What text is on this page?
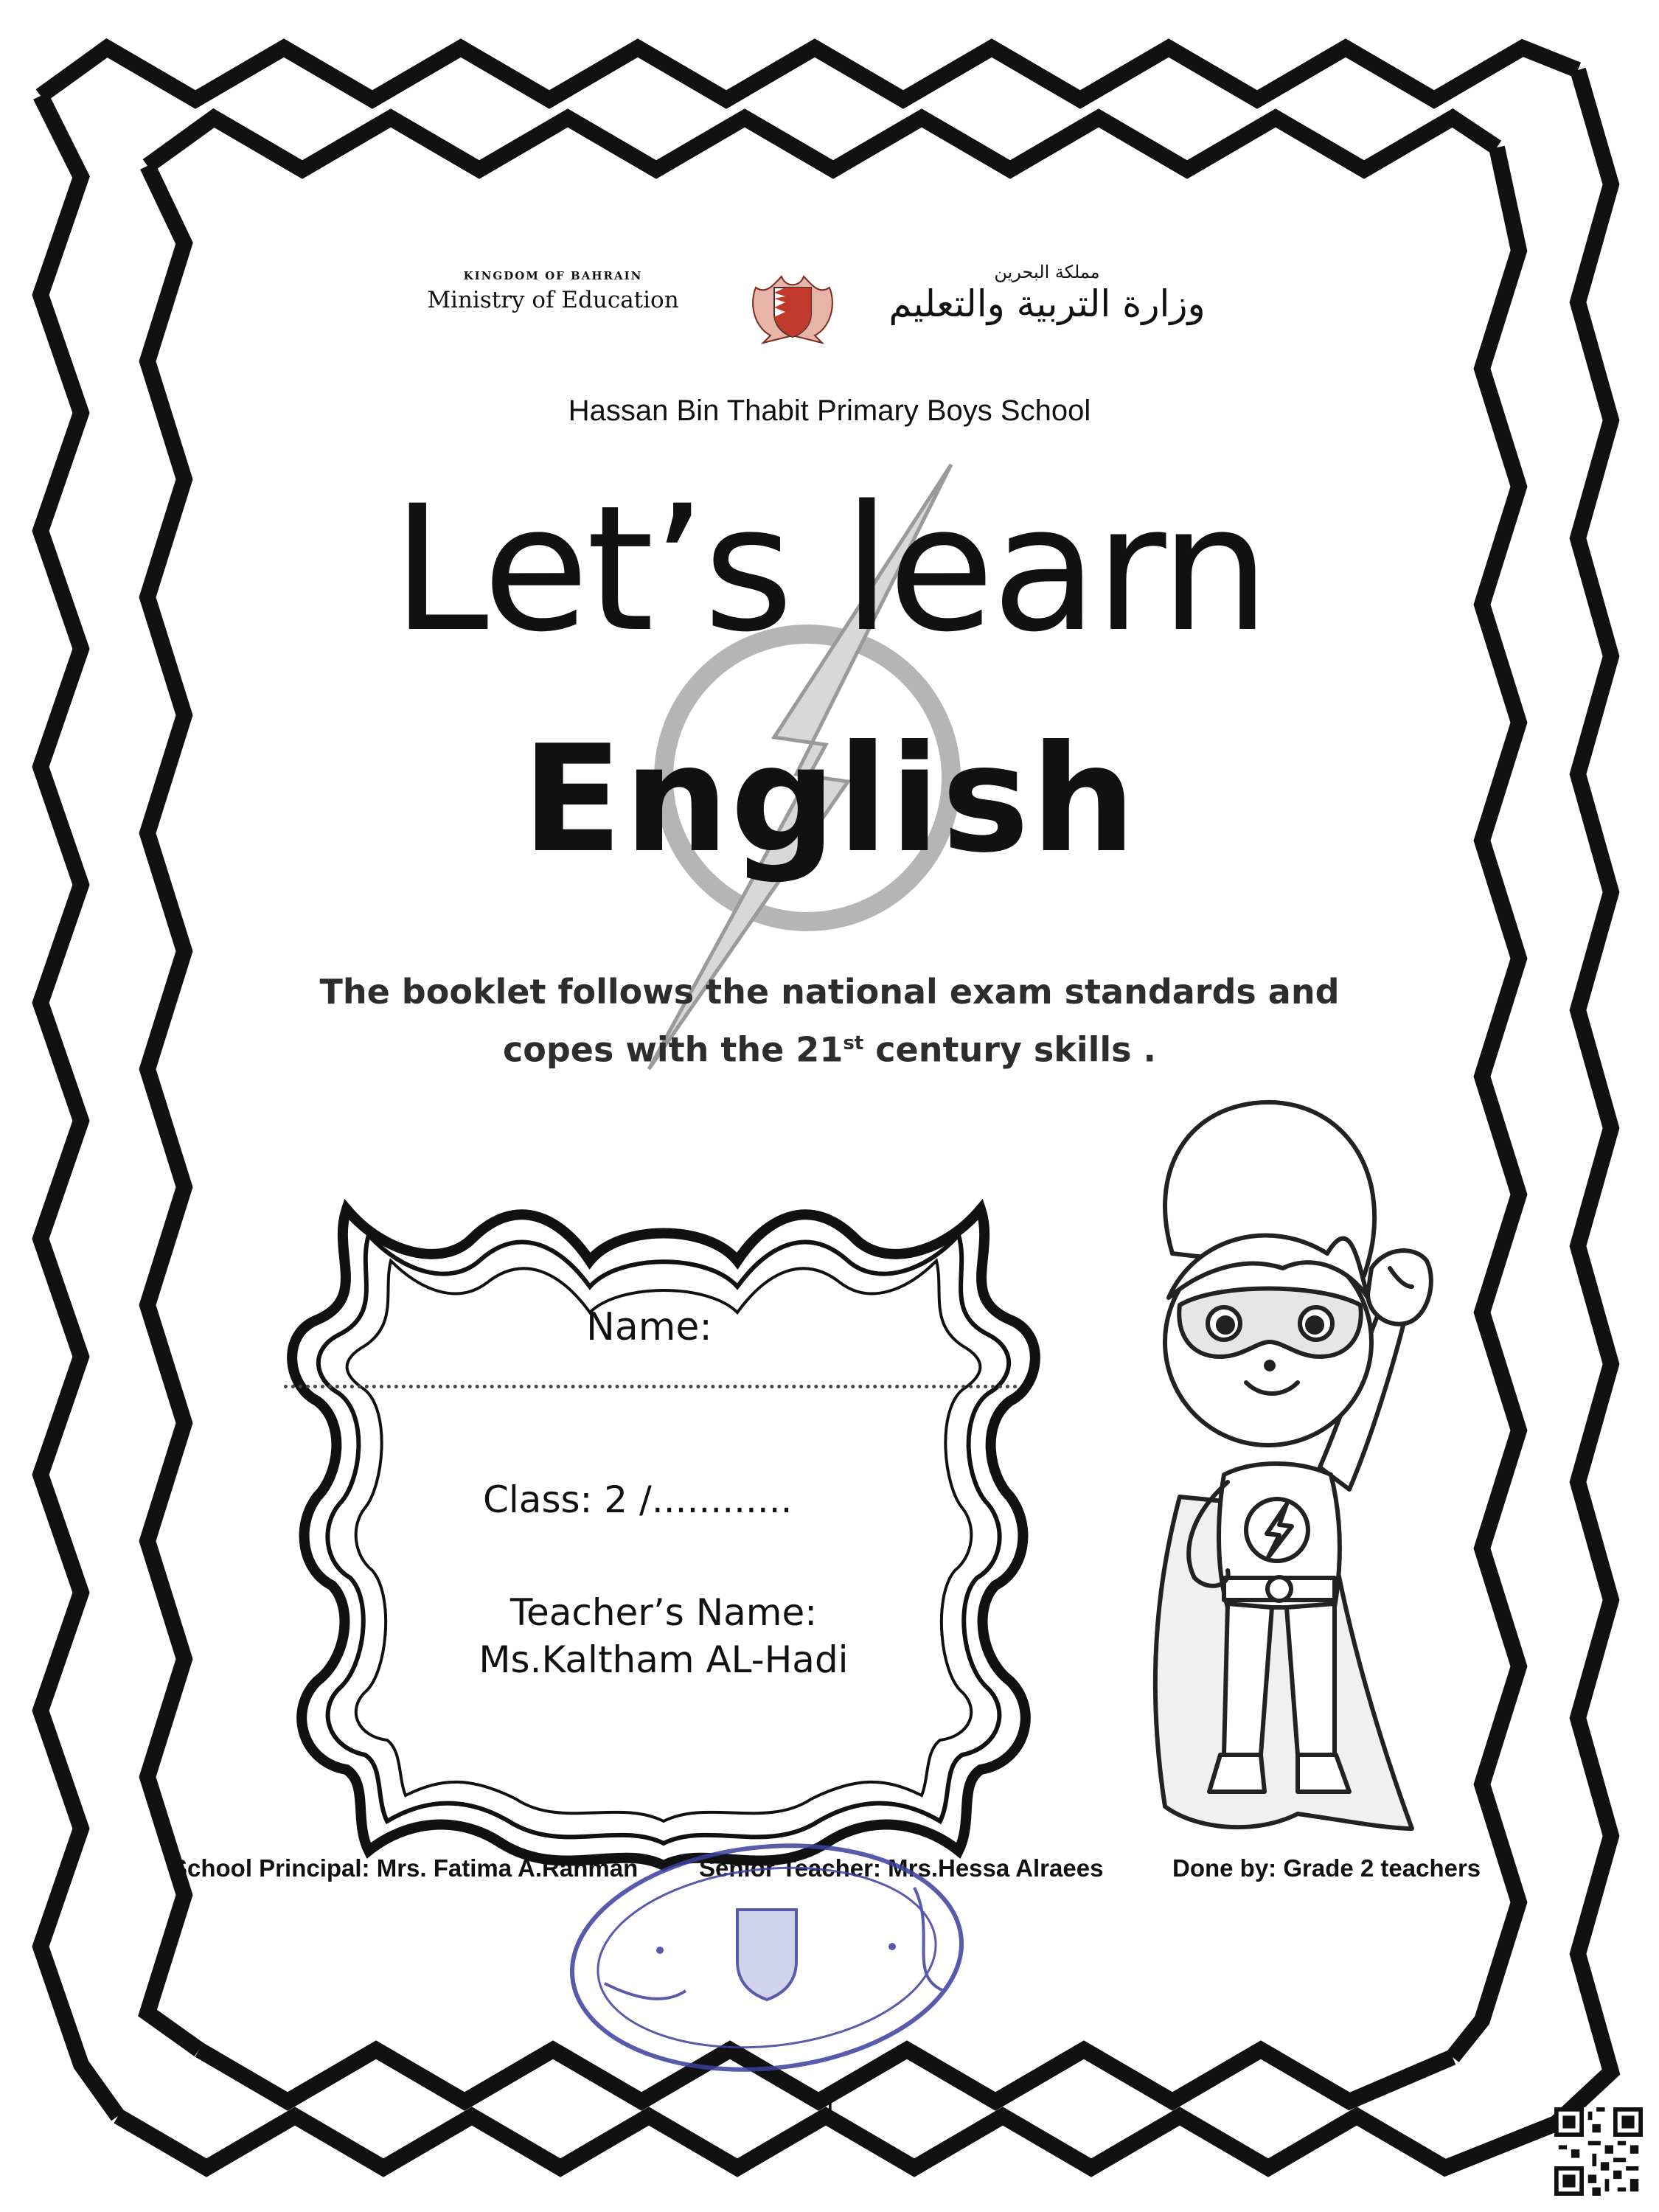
KINGDOM OF BAHRAIN
Ministry of Education
مملكة البحرين
وزارة التربية والتعليم
Hassan Bin Thabit Primary Boys School
Let’s learn
English
The booklet follows the national exam standards and
copes with the 21st century skills .
Name:
Class: 2 /............
Teacher’s Name:
Ms.Kaltham AL-Hadi
School Principal: Mrs. Fatima A.Rahman	Senior Teacher: Mrs.Hessa Alraees	Done by: Grade 2 teachers
1
